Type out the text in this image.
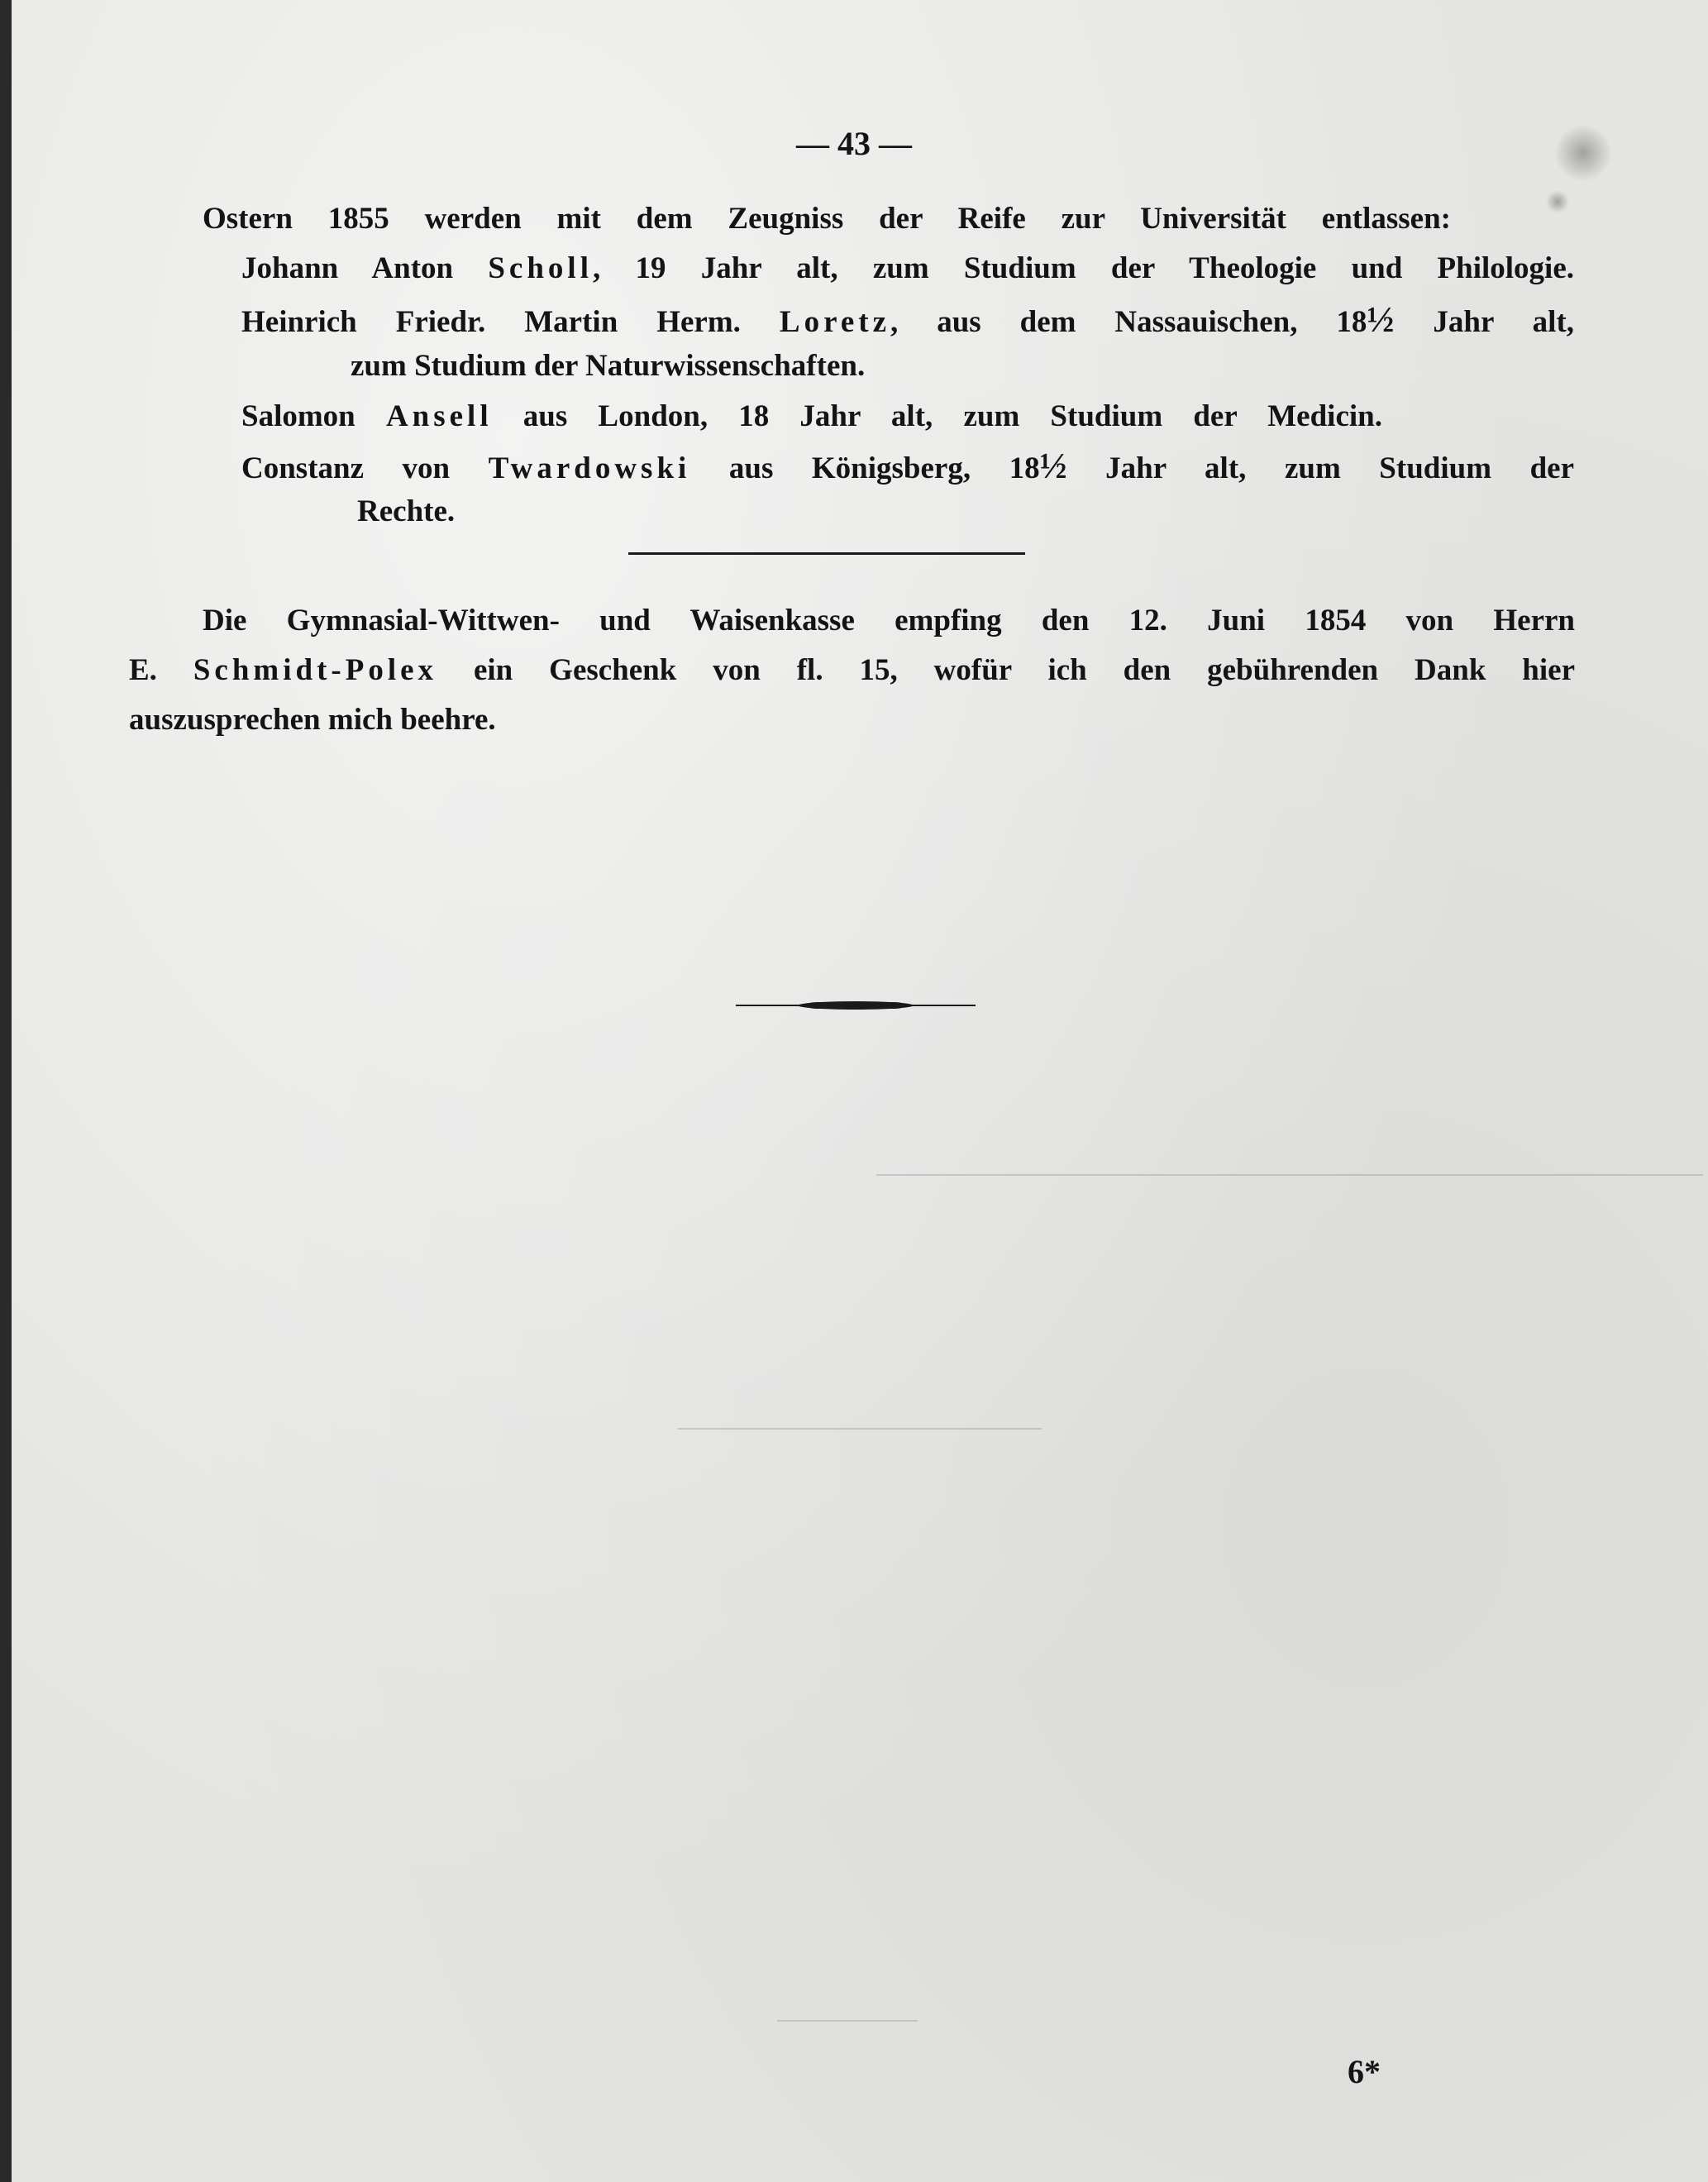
— 43 —
Ostern 1855 werden mit dem Zeugniss der Reife zur Universität entlassen:
Johann Anton Scholl, 19 Jahr alt, zum Studium der Theologie und Philologie.
Heinrich Friedr. Martin Herm. Loretz, aus dem Nassauischen, 18½ Jahr alt,
zum Studium der Naturwissenschaften.
Salomon Ansell aus London, 18 Jahr alt, zum Studium der Medicin.
Constanz von Twardowski aus Königsberg, 18½ Jahr alt, zum Studium der
Rechte.
Die Gymnasial-Wittwen- und Waisenkasse empfing den 12. Juni 1854 von Herrn
E. Schmidt-Polex ein Geschenk von fl. 15, wofür ich den gebührenden Dank hier
auszusprechen mich beehre.
6*
